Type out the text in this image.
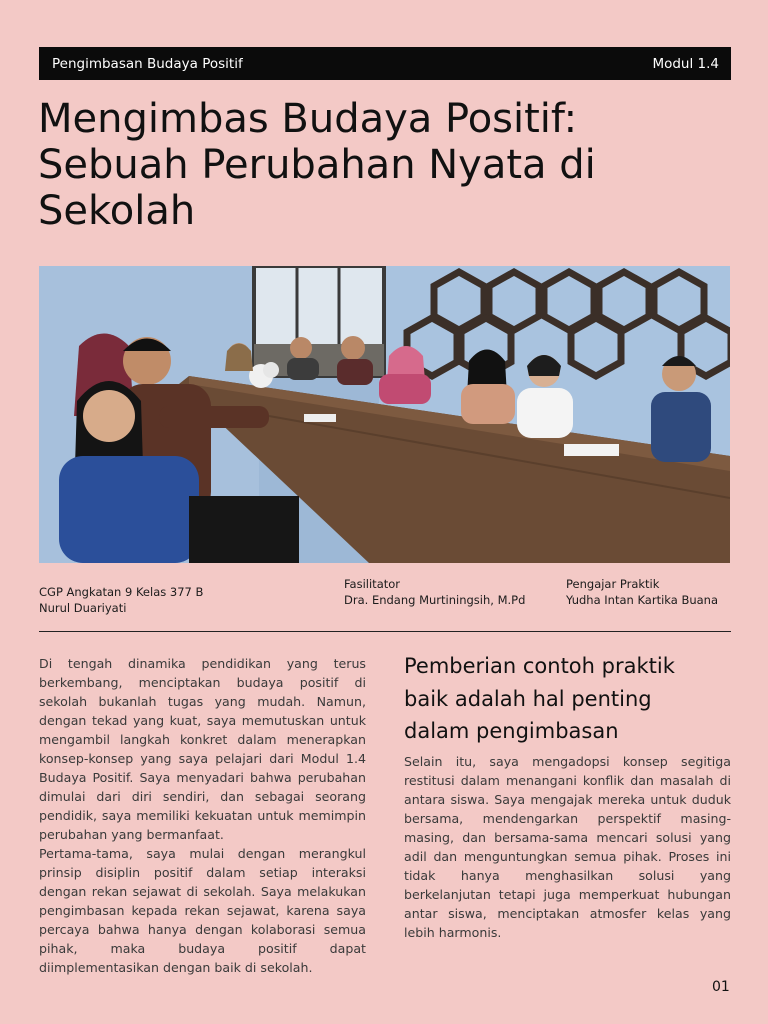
Pengimbasan Budaya Positif	Modul 1.4
Mengimbas Budaya Positif:
Sebuah Perubahan Nyata di
Sekolah
CGP Angkatan 9 Kelas 377 B
Nurul Duariyati
Fasilitator
Dra. Endang Murtiningsih, M.Pd
Pengajar Praktik
Yudha Intan Kartika Buana

Di tengah dinamika pendidikan yang terus berkembang, menciptakan budaya positif di sekolah bukanlah tugas yang mudah. Namun, dengan tekad yang kuat, saya memutuskan untuk mengambil langkah konkret dalam menerapkan konsep-konsep yang saya pelajari dari Modul 1.4 Budaya Positif. Saya menyadari bahwa perubahan dimulai dari diri sendiri, dan sebagai seorang pendidik, saya memiliki kekuatan untuk memimpin perubahan yang bermanfaat.

Pertama-tama, saya mulai dengan merangkul prinsip disiplin positif dalam setiap interaksi dengan rekan sejawat di sekolah. Saya melakukan pengimbasan kepada rekan sejawat, karena saya percaya bahwa hanya dengan kolaborasi semua pihak, maka budaya positif dapat diimplementasikan dengan baik di sekolah.

Pemberian contoh praktik
baik adalah hal penting
dalam pengimbasan

Selain itu, saya mengadopsi konsep segitiga restitusi dalam menangani konflik dan masalah di antara siswa. Saya mengajak mereka untuk duduk bersama, mendengarkan perspektif masing-masing, dan bersama-sama mencari solusi yang adil dan menguntungkan semua pihak. Proses ini tidak hanya menghasilkan solusi yang berkelanjutan tetapi juga memperkuat hubungan antar siswa, menciptakan atmosfer kelas yang lebih harmonis.

01
